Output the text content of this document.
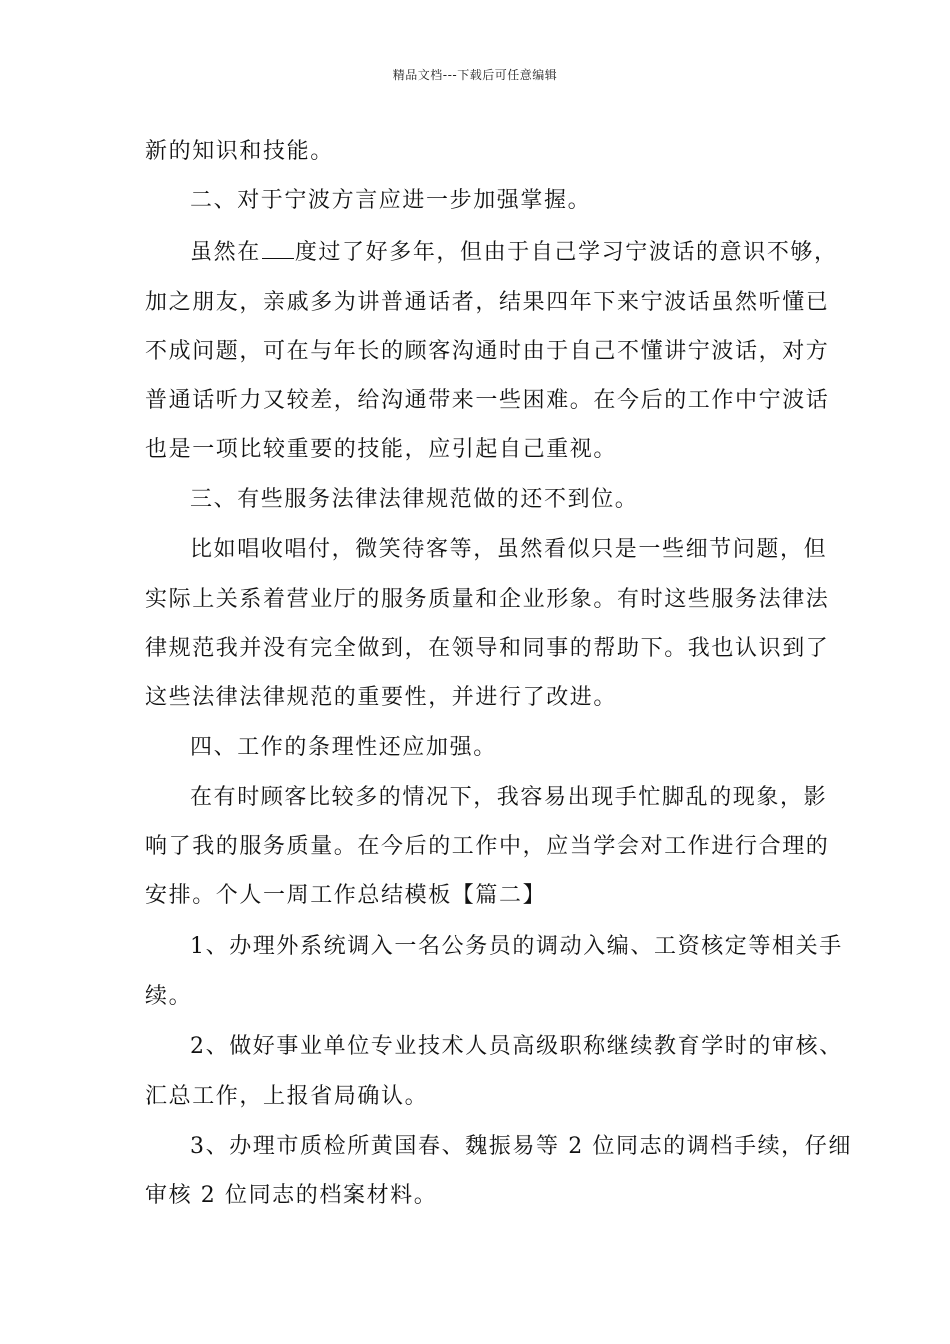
精品文档---下载后可任意编辑
新的知识和技能。
二、对于宁波方言应进一步加强掌握。
虽然在 度过了好多年，但由于自己学习宁波话的意识不够，
加之朋友，亲戚多为讲普通话者，结果四年下来宁波话虽然听懂已
不成问题，可在与年长的顾客沟通时由于自己不懂讲宁波话，对方
普通话听力又较差，给沟通带来一些困难。在今后的工作中宁波话
也是一项比较重要的技能，应引起自己重视。
三、有些服务法律法律规范做的还不到位。
比如唱收唱付，微笑待客等，虽然看似只是一些细节问题，但
实际上关系着营业厅的服务质量和企业形象。有时这些服务法律法
律规范我并没有完全做到，在领导和同事的帮助下。我也认识到了
这些法律法律规范的重要性，并进行了改进。
四、工作的条理性还应加强。
在有时顾客比较多的情况下，我容易出现手忙脚乱的现象，影
响了我的服务质量。在今后的工作中，应当学会对工作进行合理的
安排。个人一周工作总结模板【篇二】
1、办理外系统调入一名公务员的调动入编、工资核定等相关手
续。
2、做好事业单位专业技术人员高级职称继续教育学时的审核、
汇总工作，上报省局确认。
3、办理市质检所黄国春、魏振易等 2 位同志的调档手续，仔细
审核 2 位同志的档案材料。
